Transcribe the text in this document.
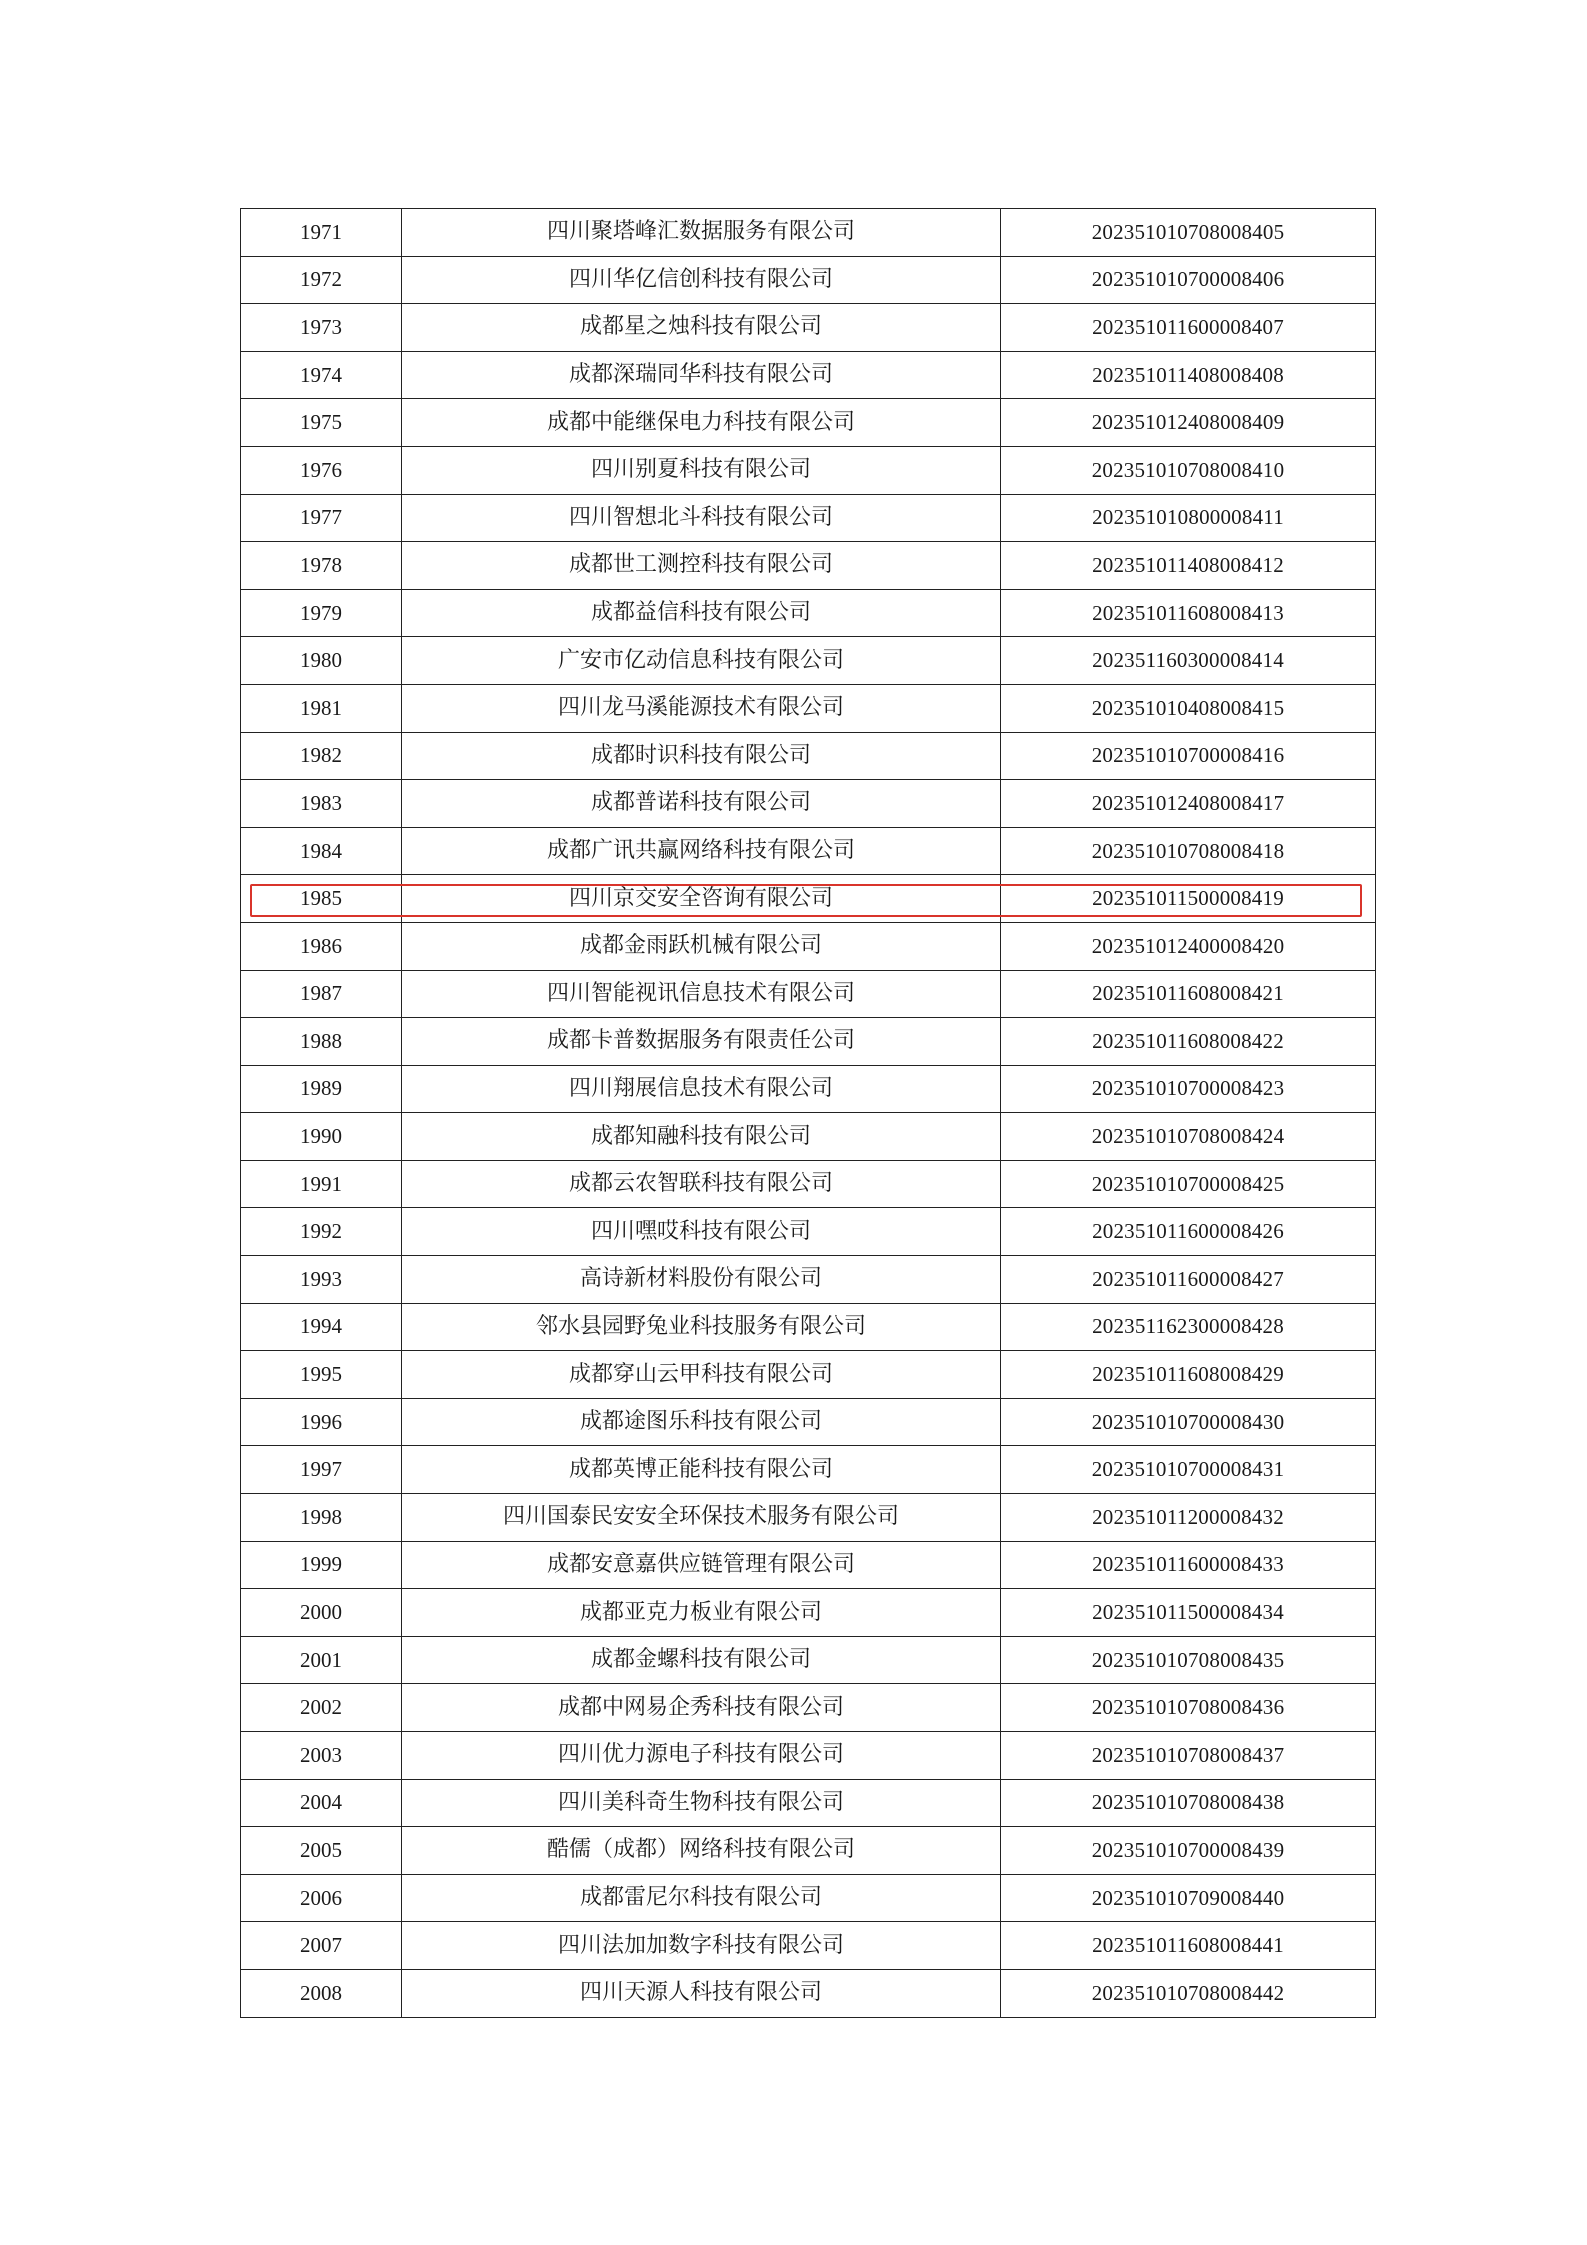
1971	四川聚塔峰汇数据服务有限公司	202351010708008405
1972	四川华亿信创科技有限公司	202351010700008406
1973	成都星之烛科技有限公司	202351011600008407
1974	成都深瑞同华科技有限公司	202351011408008408
1975	成都中能继保电力科技有限公司	202351012408008409
1976	四川别夏科技有限公司	202351010708008410
1977	四川智想北斗科技有限公司	202351010800008411
1978	成都世工测控科技有限公司	202351011408008412
1979	成都益信科技有限公司	202351011608008413
1980	广安市亿动信息科技有限公司	202351160300008414
1981	四川龙马溪能源技术有限公司	202351010408008415
1982	成都时识科技有限公司	202351010700008416
1983	成都普诺科技有限公司	202351012408008417
1984	成都广讯共赢网络科技有限公司	202351010708008418
1985	四川京交安全咨询有限公司	202351011500008419
1986	成都金雨跃机械有限公司	202351012400008420
1987	四川智能视讯信息技术有限公司	202351011608008421
1988	成都卡普数据服务有限责任公司	202351011608008422
1989	四川翔展信息技术有限公司	202351010700008423
1990	成都知融科技有限公司	202351010708008424
1991	成都云农智联科技有限公司	202351010700008425
1992	四川嘿哎科技有限公司	202351011600008426
1993	高诗新材料股份有限公司	202351011600008427
1994	邻水县园野兔业科技服务有限公司	202351162300008428
1995	成都穿山云甲科技有限公司	202351011608008429
1996	成都途图乐科技有限公司	202351010700008430
1997	成都英博正能科技有限公司	202351010700008431
1998	四川国泰民安安全环保技术服务有限公司	202351011200008432
1999	成都安意嘉供应链管理有限公司	202351011600008433
2000	成都亚克力板业有限公司	202351011500008434
2001	成都金螺科技有限公司	202351010708008435
2002	成都中网易企秀科技有限公司	202351010708008436
2003	四川优力源电子科技有限公司	202351010708008437
2004	四川美科奇生物科技有限公司	202351010708008438
2005	酷儒（成都）网络科技有限公司	202351010700008439
2006	成都雷尼尔科技有限公司	202351010709008440
2007	四川法加加数字科技有限公司	202351011608008441
2008	四川天源人科技有限公司	202351010708008442
